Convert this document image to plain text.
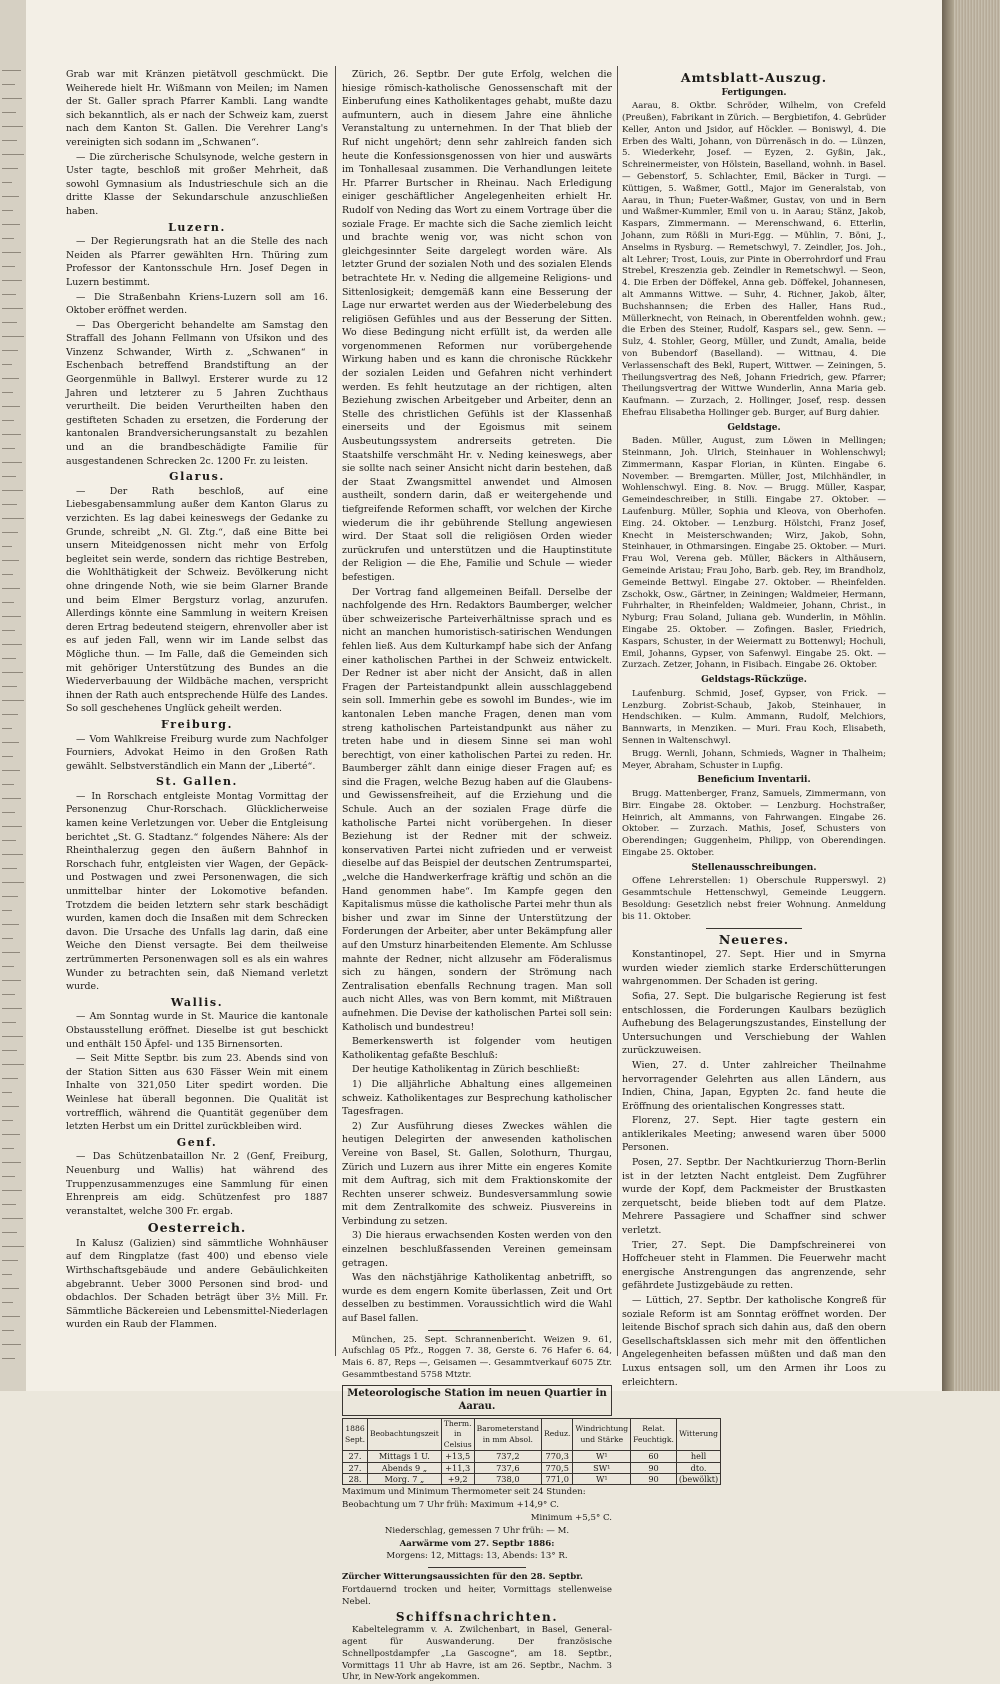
Grab war mit Kränzen pietätvoll geschmückt. Die Weiherede hielt Hr. Wißmann von Meilen; im Namen der St. Galler sprach Pfarrer Kambli. Lang wandte sich bekanntlich, als er nach der Schweiz kam, zuerst nach dem Kanton St. Gallen. Die Verehrer Lang's vereinigten sich sodann im „Schwanen“.

— Die zürcherische Schulsynode, welche gestern in Uster tagte, beschloß mit großer Mehrheit, daß sowohl Gymnasium als Industrieschule sich an die dritte Klasse der Sekundarschule anzuschließen haben.

Luzern.

— Der Regierungsrath hat an die Stelle des nach Neiden als Pfarrer gewählten Hrn. Thüring zum Professor der Kantonsschule Hrn. Josef Degen in Luzern bestimmt.

— Die Straßenbahn Kriens-Luzern soll am 16. Oktober eröffnet werden.

— Das Obergericht behandelte am Samstag den Straffall des Johann Fellmann von Ufsikon und des Vinzenz Schwander, Wirth z. „Schwanen“ in Eschenbach betreffend Brandstiftung an der Georgenmühle in Ballwyl. Ersterer wurde zu 12 Jahren und letzterer zu 5 Jahren Zuchthaus verurtheilt. Die beiden Verurtheilten haben den gestifteten Schaden zu ersetzen, die Forderung der kantonalen Brandversicherungsanstalt zu bezahlen und an die brandbeschädigte Familie für ausgestandenen Schrecken 2c. 1200 Fr. zu leisten.

Glarus.

— Der Rath beschloß, auf eine Liebesgabensammlung außer dem Kanton Glarus zu verzichten. Es lag dabei keineswegs der Gedanke zu Grunde, schreibt „N. Gl. Ztg.“, daß eine Bitte bei unsern Miteidgenossen nicht mehr von Erfolg begleitet sein werde, sondern das richtige Bestreben, die Wohlthätigkeit der Schweiz. Bevölkerung nicht ohne dringende Noth, wie sie beim Glarner Brande und beim Elmer Bergsturz vorlag, anzurufen. Allerdings könnte eine Sammlung in weitern Kreisen deren Ertrag bedeutend steigern, ehrenvoller aber ist es auf jeden Fall, wenn wir im Lande selbst das Mögliche thun. — Im Falle, daß die Gemeinden sich mit gehöriger Unterstützung des Bundes an die Wiederverbauung der Wildbäche machen, verspricht ihnen der Rath auch entsprechende Hülfe des Landes. So soll geschehenes Unglück geheilt werden.

Freiburg.

— Vom Wahlkreise Freiburg wurde zum Nachfolger Fourniers, Advokat Heimo in den Großen Rath gewählt. Selbstverständlich ein Mann der „Liberté“.

St. Gallen.

— In Rorschach entgleiste Montag Vormittag der Personenzug Chur-Rorschach. Glücklicherweise kamen keine Verletzungen vor. Ueber die Entgleisung berichtet „St. G. Stadtanz.“ folgendes Nähere: Als der Rheinthalerzug gegen den äußern Bahnhof in Rorschach fuhr, entgleisten vier Wagen, der Gepäck- und Postwagen und zwei Personenwagen, die sich unmittelbar hinter der Lokomotive befanden. Trotzdem die beiden letztern sehr stark beschädigt wurden, kamen doch die Insaßen mit dem Schrecken davon. Die Ursache des Unfalls lag darin, daß eine Weiche den Dienst versagte. Bei dem theilweise zertrümmerten Personenwagen soll es als ein wahres Wunder zu betrachten sein, daß Niemand verletzt wurde.

Wallis.

— Am Sonntag wurde in St. Maurice die kantonale Obstausstellung eröffnet. Dieselbe ist gut beschickt und enthält 150 Äpfel- und 135 Birnensorten.

— Seit Mitte Septbr. bis zum 23. Abends sind von der Station Sitten aus 630 Fässer Wein mit einem Inhalte von 321,050 Liter spedirt worden. Die Weinlese hat überall begonnen. Die Qualität ist vortrefflich, während die Quantität gegenüber dem letzten Herbst um ein Drittel zurückbleiben wird.

Genf.

— Das Schützenbataillon Nr. 2 (Genf, Freiburg, Neuenburg und Wallis) hat während des Truppenzusammenzuges eine Sammlung für einen Ehrenpreis am eidg. Schützenfest pro 1887 veranstaltet, welche 300 Fr. ergab.

Oesterreich.

In Kalusz (Galizien) sind sämmtliche Wohnhäuser auf dem Ringplatze (fast 400) und ebenso viele Wirthschaftsgebäude und andere Gebäulichkeiten abgebrannt. Ueber 3000 Personen sind brod- und obdachlos. Der Schaden beträgt über 3½ Mill. Fr. Sämmtliche Bäckereien und Lebensmittel-Niederlagen wurden ein Raub der Flammen.

Zürich, 26. Septbr. Der gute Erfolg, welchen die hiesige römisch-katholische Genossenschaft mit der Einberufung eines Katholikentages gehabt, mußte dazu aufmuntern, auch in diesem Jahre eine ähnliche Veranstaltung zu unternehmen. In der That blieb der Ruf nicht ungehört; denn sehr zahlreich fanden sich heute die Konfessionsgenossen von hier und auswärts im Tonhallesaal zusammen. Die Verhandlungen leitete Hr. Pfarrer Burtscher in Rheinau. Nach Erledigung einiger geschäftlicher Angelegenheiten erhielt Hr. Rudolf von Neding das Wort zu einem Vortrage über die soziale Frage. Er machte sich die Sache ziemlich leicht und brachte wenig vor, was nicht schon von gleichgesinnter Seite dargelegt worden wäre. Als letzter Grund der sozialen Noth und des sozialen Elends betrachtete Hr. v. Neding die allgemeine Religions- und Sittenlosigkeit; demgemäß kann eine Besserung der Lage nur erwartet werden aus der Wiederbelebung des religiösen Gefühles und aus der Besserung der Sitten. Wo diese Bedingung nicht erfüllt ist, da werden alle vorgenommenen Reformen nur vorübergehende Wirkung haben und es kann die chronische Rückkehr der sozialen Leiden und Gefahren nicht verhindert werden. Es fehlt heutzutage an der richtigen, alten Beziehung zwischen Arbeitgeber und Arbeiter, denn an Stelle des christlichen Gefühls ist der Klassenhaß einerseits und der Egoismus mit seinem Ausbeutungssystem andrerseits getreten. Die Staatshilfe verschmäht Hr. v. Neding keineswegs, aber sie sollte nach seiner Ansicht nicht darin bestehen, daß der Staat Zwangsmittel anwendet und Almosen austheilt, sondern darin, daß er weitergehende und tiefgreifende Reformen schafft, vor welchen der Kirche wiederum die ihr gebührende Stellung angewiesen wird. Der Staat soll die religiösen Orden wieder zurückrufen und unterstützen und die Hauptinstitute der Religion — die Ehe, Familie und Schule — wieder befestigen.

Der Vortrag fand allgemeinen Beifall. Derselbe der nachfolgende des Hrn. Redaktors Baumberger, welcher über schweizerische Parteiverhältnisse sprach und es nicht an manchen humoristisch-satirischen Wendungen fehlen ließ. Aus dem Kulturkampf habe sich der Anfang einer katholischen Parthei in der Schweiz entwickelt. Der Redner ist aber nicht der Ansicht, daß in allen Fragen der Parteistandpunkt allein ausschlaggebend sein soll. Immerhin gebe es sowohl im Bundes-, wie im kantonalen Leben manche Fragen, denen man vom streng katholischen Parteistandpunkt aus näher zu treten habe und in diesem Sinne sei man wohl berechtigt, von einer katholischen Partei zu reden. Hr. Baumberger zählt dann einige dieser Fragen auf; es sind die Fragen, welche Bezug haben auf die Glaubens- und Gewissensfreiheit, auf die Erziehung und die Schule. Auch an der sozialen Frage dürfe die katholische Partei nicht vorübergehen. In dieser Beziehung ist der Redner mit der schweiz. konservativen Partei nicht zufrieden und er verweist dieselbe auf das Beispiel der deutschen Zentrumspartei, „welche die Handwerkerfrage kräftig und schön an die Hand genommen habe“. Im Kampfe gegen den Kapitalismus müsse die katholische Partei mehr thun als bisher und zwar im Sinne der Unterstützung der Forderungen der Arbeiter, aber unter Bekämpfung aller auf den Umsturz hinarbeitenden Elemente. Am Schlusse mahnte der Redner, nicht allzusehr am Föderalismus sich zu hängen, sondern der Strömung nach Zentralisation ebenfalls Rechnung tragen. Man soll auch nicht Alles, was von Bern kommt, mit Mißtrauen aufnehmen. Die Devise der katholischen Partei soll sein: Katholisch und bundestreu!

Bemerkenswerth ist folgender vom heutigen Katholikentag gefaßte Beschluß:

Der heutige Katholikentag in Zürich beschließt:

1) Die alljährliche Abhaltung eines allgemeinen schweiz. Katholikentages zur Besprechung katholischer Tagesfragen.

2) Zur Ausführung dieses Zweckes wählen die heutigen Delegirten der anwesenden katholischen Vereine von Basel, St. Gallen, Solothurn, Thurgau, Zürich und Luzern aus ihrer Mitte ein engeres Komite mit dem Auftrag, sich mit dem Fraktionskomite der Rechten unserer schweiz. Bundesversammlung sowie mit dem Zentralkomite des schweiz. Piusvereins in Verbindung zu setzen.

3) Die hieraus erwachsenden Kosten werden von den einzelnen beschlußfassenden Vereinen gemeinsam getragen.

Was den nächstjährige Katholikentag anbetrifft, so wurde es dem engern Komite überlassen, Zeit und Ort desselben zu bestimmen. Voraussichtlich wird die Wahl auf Basel fallen.

München, 25. Sept. Schrannenbericht. Weizen 9. 61, Aufschlag 05 Pfz., Roggen 7. 38, Gerste 6. 76 Hafer 6. 64, Mais 6. 87, Reps —, Geisamen —. Gesammtverkauf 6075 Ztr. Gesammtbestand 5758 Mtztr.

Meteorologische Station im neuen Quartier in Aarau.
1886 Sept.	Beobachtungszeit	Therm. in Celsius	Barometerstand in mm Absol.	Reduz.	Windrichtung und Stärke	Relat. Feuchtigk.	Witterung
27.	Mittags 1 U.	+13,5	737,2	770,3	W¹	60	hell
27.	Abends 9 „	+11,3	737,6	770,5	SW¹	90	dto.
28.	Morg. 7 „	+9,2	738,0	771,0	W¹	90	(bewölkt)

Maximum und Minimum Thermometer seit 24 Stunden:

Beobachtung um 7 Uhr früh: Maximum +14,9° C.

Minimum +5,5° C.

Niederschlag, gemessen 7 Uhr früh: — M.

Aarwärme vom 27. Septbr 1886:

Morgens: 12, Mittags: 13, Abends: 13° R.

Zürcher Witterungsaussichten für den 28. Septbr.

Fortdauernd trocken und heiter, Vormittags stellenweise Nebel.

Schiffsnachrichten.

Kabeltelegramm v. A. Zwilchenbart, in Basel, General-agent für Auswanderung. Der französische Schnellpostdampfer „La Gascogne“, am 18. Septbr., Vormittags 11 Uhr ab Havre, ist am 26. Septbr., Nachm. 3 Uhr, in New-York angekommen.

Amtsblatt-Auszug.
Fertigungen.

Aarau, 8. Oktbr. Schröder, Wilhelm, von Crefeld (Preußen), Fabrikant in Zürich. — Bergbietifon, 4. Gebrüder Keller, Anton und Jsidor, auf Höckler. — Boniswyl, 4. Die Erben des Walti, Johann, von Dürrenäsch in do. — Lünzen, 5. Wiederkehr, Josef. — Eyzen, 2. Gyßin, Jak., Schreinermeister, von Hölstein, Baselland, wohnh. in Basel. — Gebenstorf, 5. Schlachter, Emil, Bäcker in Turgi. — Küttigen, 5. Waßmer, Gottl., Major im Generalstab, von Aarau, in Thun; Fueter-Waßmer, Gustav, von und in Bern und Waßmer-Kummler, Emil von u. in Aarau; Stänz, Jakob, Kaspars, Zimmermann. — Merenschwand, 6. Etterlin, Johann, zum Rößli in Muri-Egg. — Mühlin, 7. Böni, J., Anselms in Rysburg. — Remetschwyl, 7. Zeindler, Jos. Joh., alt Lehrer; Trost, Louis, zur Pinte in Oberrohrdorf und Frau Strebel, Kreszenzia geb. Zeindler in Remetschwyl. — Seon, 4. Die Erben der Döffekel, Anna geb. Döffekel, Johannesen, alt Ammanns Wittwe. — Suhr, 4. Richner, Jakob, älter, Buchshannsen; die Erben des Haller, Hans Rud., Müllerknecht, von Reinach, in Oberentfelden wohnh. gew.; die Erben des Steiner, Rudolf, Kaspars sel., gew. Senn. — Sulz, 4. Stohler, Georg, Müller, und Zundt, Amalia, beide von Bubendorf (Baselland). — Wittnau, 4. Die Verlassenschaft des Bekl, Rupert, Wittwer. — Zeiningen, 5. Theilungsvertrag des Neß, Johann Friedrich, gew. Pfarrer; Theilungsvertrag der Wittwe Wunderlin, Anna Maria geb. Kaufmann. — Zurzach, 2. Hollinger, Josef, resp. dessen Ehefrau Elisabetha Hollinger geb. Burger, auf Burg dahier.

Geldstage.

Baden. Müller, August, zum Löwen in Mellingen; Steinmann, Joh. Ulrich, Steinhauer in Wohlenschwyl; Zimmermann, Kaspar Florian, in Künten. Eingabe 6. November. — Bremgarten. Müller, Jost, Milchhändler, in Wohlenschwyl. Eing. 8. Nov. — Brugg. Müller, Kaspar, Gemeindeschreiber, in Stilli. Eingabe 27. Oktober. — Laufenburg. Müller, Sophia und Kleova, von Oberhofen. Eing. 24. Oktober. — Lenzburg. Hölstchi, Franz Josef, Knecht in Meisterschwanden; Wirz, Jakob, Sohn, Steinhauer, in Othmarsingen. Eingabe 25. Oktober. — Muri. Frau Wol, Verena geb. Müller, Bäckers in Althäusern, Gemeinde Aristau; Frau Joho, Barb. geb. Rey, im Brandholz, Gemeinde Bettwyl. Eingabe 27. Oktober. — Rheinfelden. Zschokk, Osw., Gärtner, in Zeiningen; Waldmeier, Hermann, Fuhrhalter, in Rheinfelden; Waldmeier, Johann, Christ., in Nyburg; Frau Soland, Juliana geb. Wunderlin, in Möhlin. Eingabe 25. Oktober. — Zofingen. Basler, Friedrich, Kaspars, Schuster, in der Weiermatt zu Bottenwyl; Hochuli, Emil, Johanns, Gypser, von Safenwyl. Eingabe 25. Okt. — Zurzach. Zetzer, Johann, in Fisibach. Eingabe 26. Oktober.

Geldstags-Rückzüge.

Laufenburg. Schmid, Josef, Gypser, von Frick. — Lenzburg. Zobrist-Schaub, Jakob, Steinhauer, in Hendschiken. — Kulm. Ammann, Rudolf, Melchiors, Bannwarts, in Menziken. — Muri. Frau Koch, Elisabeth, Sennen in Waltenschwyl.

Brugg. Wernli, Johann, Schmieds, Wagner in Thalheim; Meyer, Abraham, Schuster in Lupfig.

Beneficium Inventarii.

Brugg. Mattenberger, Franz, Samuels, Zimmermann, von Birr. Eingabe 28. Oktober. — Lenzburg. Hochstraßer, Heinrich, alt Ammanns, von Fahrwangen. Eingabe 26. Oktober. — Zurzach. Mathis, Josef, Schusters von Oberendingen; Guggenheim, Philipp, von Oberendingen. Eingabe 25. Oktober.

Stellenausschreibungen.

Offene Lehrerstellen: 1) Oberschule Rupperswyl. 2) Gesammtschule Hettenschwyl, Gemeinde Leuggern. Besoldung: Gesetzlich nebst freier Wohnung. Anmeldung bis 11. Oktober.

Neueres.

Konstantinopel, 27. Sept. Hier und in Smyrna wurden wieder ziemlich starke Erderschütterungen wahrgenommen. Der Schaden ist gering.

Sofia, 27. Sept. Die bulgarische Regierung ist fest entschlossen, die Forderungen Kaulbars bezüglich Aufhebung des Belagerungszustandes, Einstellung der Untersuchungen und Verschiebung der Wahlen zurückzuweisen.

Wien, 27. d. Unter zahlreicher Theilnahme hervorragender Gelehrten aus allen Ländern, aus Indien, China, Japan, Egypten 2c. fand heute die Eröffnung des orientalischen Kongresses statt.

Florenz, 27. Sept. Hier tagte gestern ein antiklerikales Meeting; anwesend waren über 5000 Personen.

Posen, 27. Septbr. Der Nachtkurierzug Thorn-Berlin ist in der letzten Nacht entgleist. Dem Zugführer wurde der Kopf, dem Packmeister der Brustkasten zerquetscht, beide blieben todt auf dem Platze. Mehrere Passagiere und Schaffner sind schwer verletzt.

Trier, 27. Sept. Die Dampfschreinerei von Hoffcheuer steht in Flammen. Die Feuerwehr macht energische Anstrengungen das angrenzende, sehr gefährdete Justizgebäude zu retten.

— Lüttich, 27. Septbr. Der katholische Kongreß für soziale Reform ist am Sonntag eröffnet worden. Der leitende Bischof sprach sich dahin aus, daß den obern Gesellschaftsklassen sich mehr mit den öffentlichen Angelegenheiten befassen müßten und daß man den Luxus entsagen soll, um den Armen ihr Loos zu erleichtern.
